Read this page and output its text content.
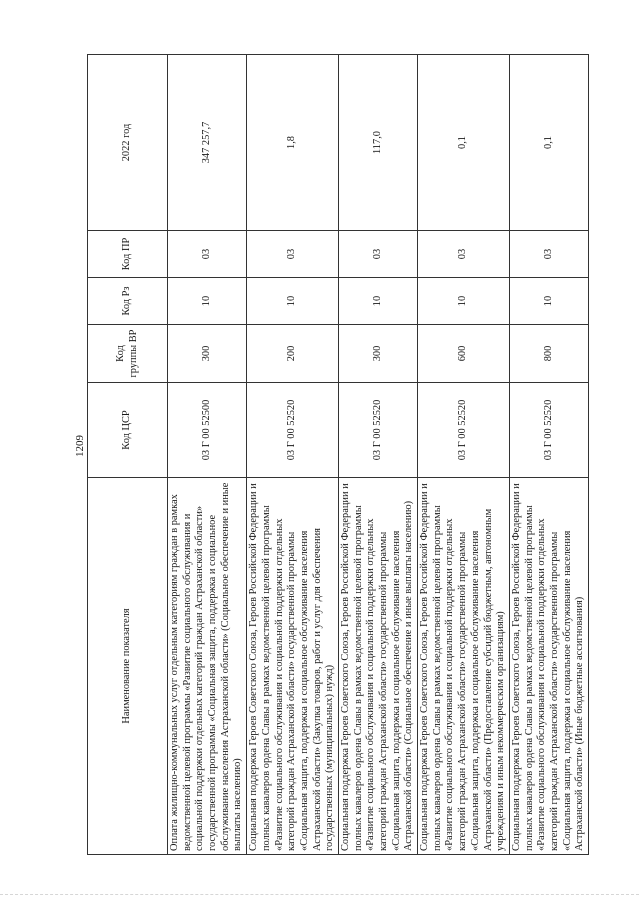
1209
Наименование показателя	Код ЦСР	Код группы ВР	Код Рз	Код ПР	2022 год
Оплата жилищно-коммунальных услуг отдельным категориям граждан в рамках ведомственной целевой программы «Развитие социального обслуживания и социальной поддержки отдельных категорий граждан Астраханской области» государственной программы «Социальная защита, поддержка и социальное обслуживание населения Астраханской области» (Социальное обеспечение и иные выплаты населению)	03 Г 00 52500	300	10	03	347 257,7
Социальная поддержка Героев Советского Союза, Героев Российской Федерации и полных кавалеров ордена Славы в рамках ведомственной целевой программы «Развитие социального обслуживания и социальной поддержки отдельных категорий граждан Астраханской области» государственной программы «Социальная защита, поддержка и социальное обслуживание населения Астраханской области» (Закупка товаров, работ и услуг для обеспечения государственных (муниципальных) нужд)	03 Г 00 52520	200	10	03	1,8
Социальная поддержка Героев Советского Союза, Героев Российской Федерации и полных кавалеров ордена Славы в рамках ведомственной целевой программы «Развитие социального обслуживания и социальной поддержки отдельных категорий граждан Астраханской области» государственной программы «Социальная защита, поддержка и социальное обслуживание населения Астраханской области» (Социальное обеспечение и иные выплаты населению)	03 Г 00 52520	300	10	03	117,0
Социальная поддержка Героев Советского Союза, Героев Российской Федерации и полных кавалеров ордена Славы в рамках ведомственной целевой программы «Развитие социального обслуживания и социальной поддержки отдельных категорий граждан Астраханской области» государственной программы «Социальная защита, поддержка и социальное обслуживание населения Астраханской области» (Предоставление субсидий бюджетным, автономным учреждениям и иным некоммерческим организациям)	03 Г 00 52520	600	10	03	0,1
Социальная поддержка Героев Советского Союза, Героев Российской Федерации и полных кавалеров ордена Славы в рамках ведомственной целевой программы «Развитие социального обслуживания и социальной поддержки отдельных категорий граждан Астраханской области» государственной программы «Социальная защита, поддержка и социальное обслуживание населения Астраханской области» (Иные бюджетные ассигнования)	03 Г 00 52520	800	10	03	0,1
